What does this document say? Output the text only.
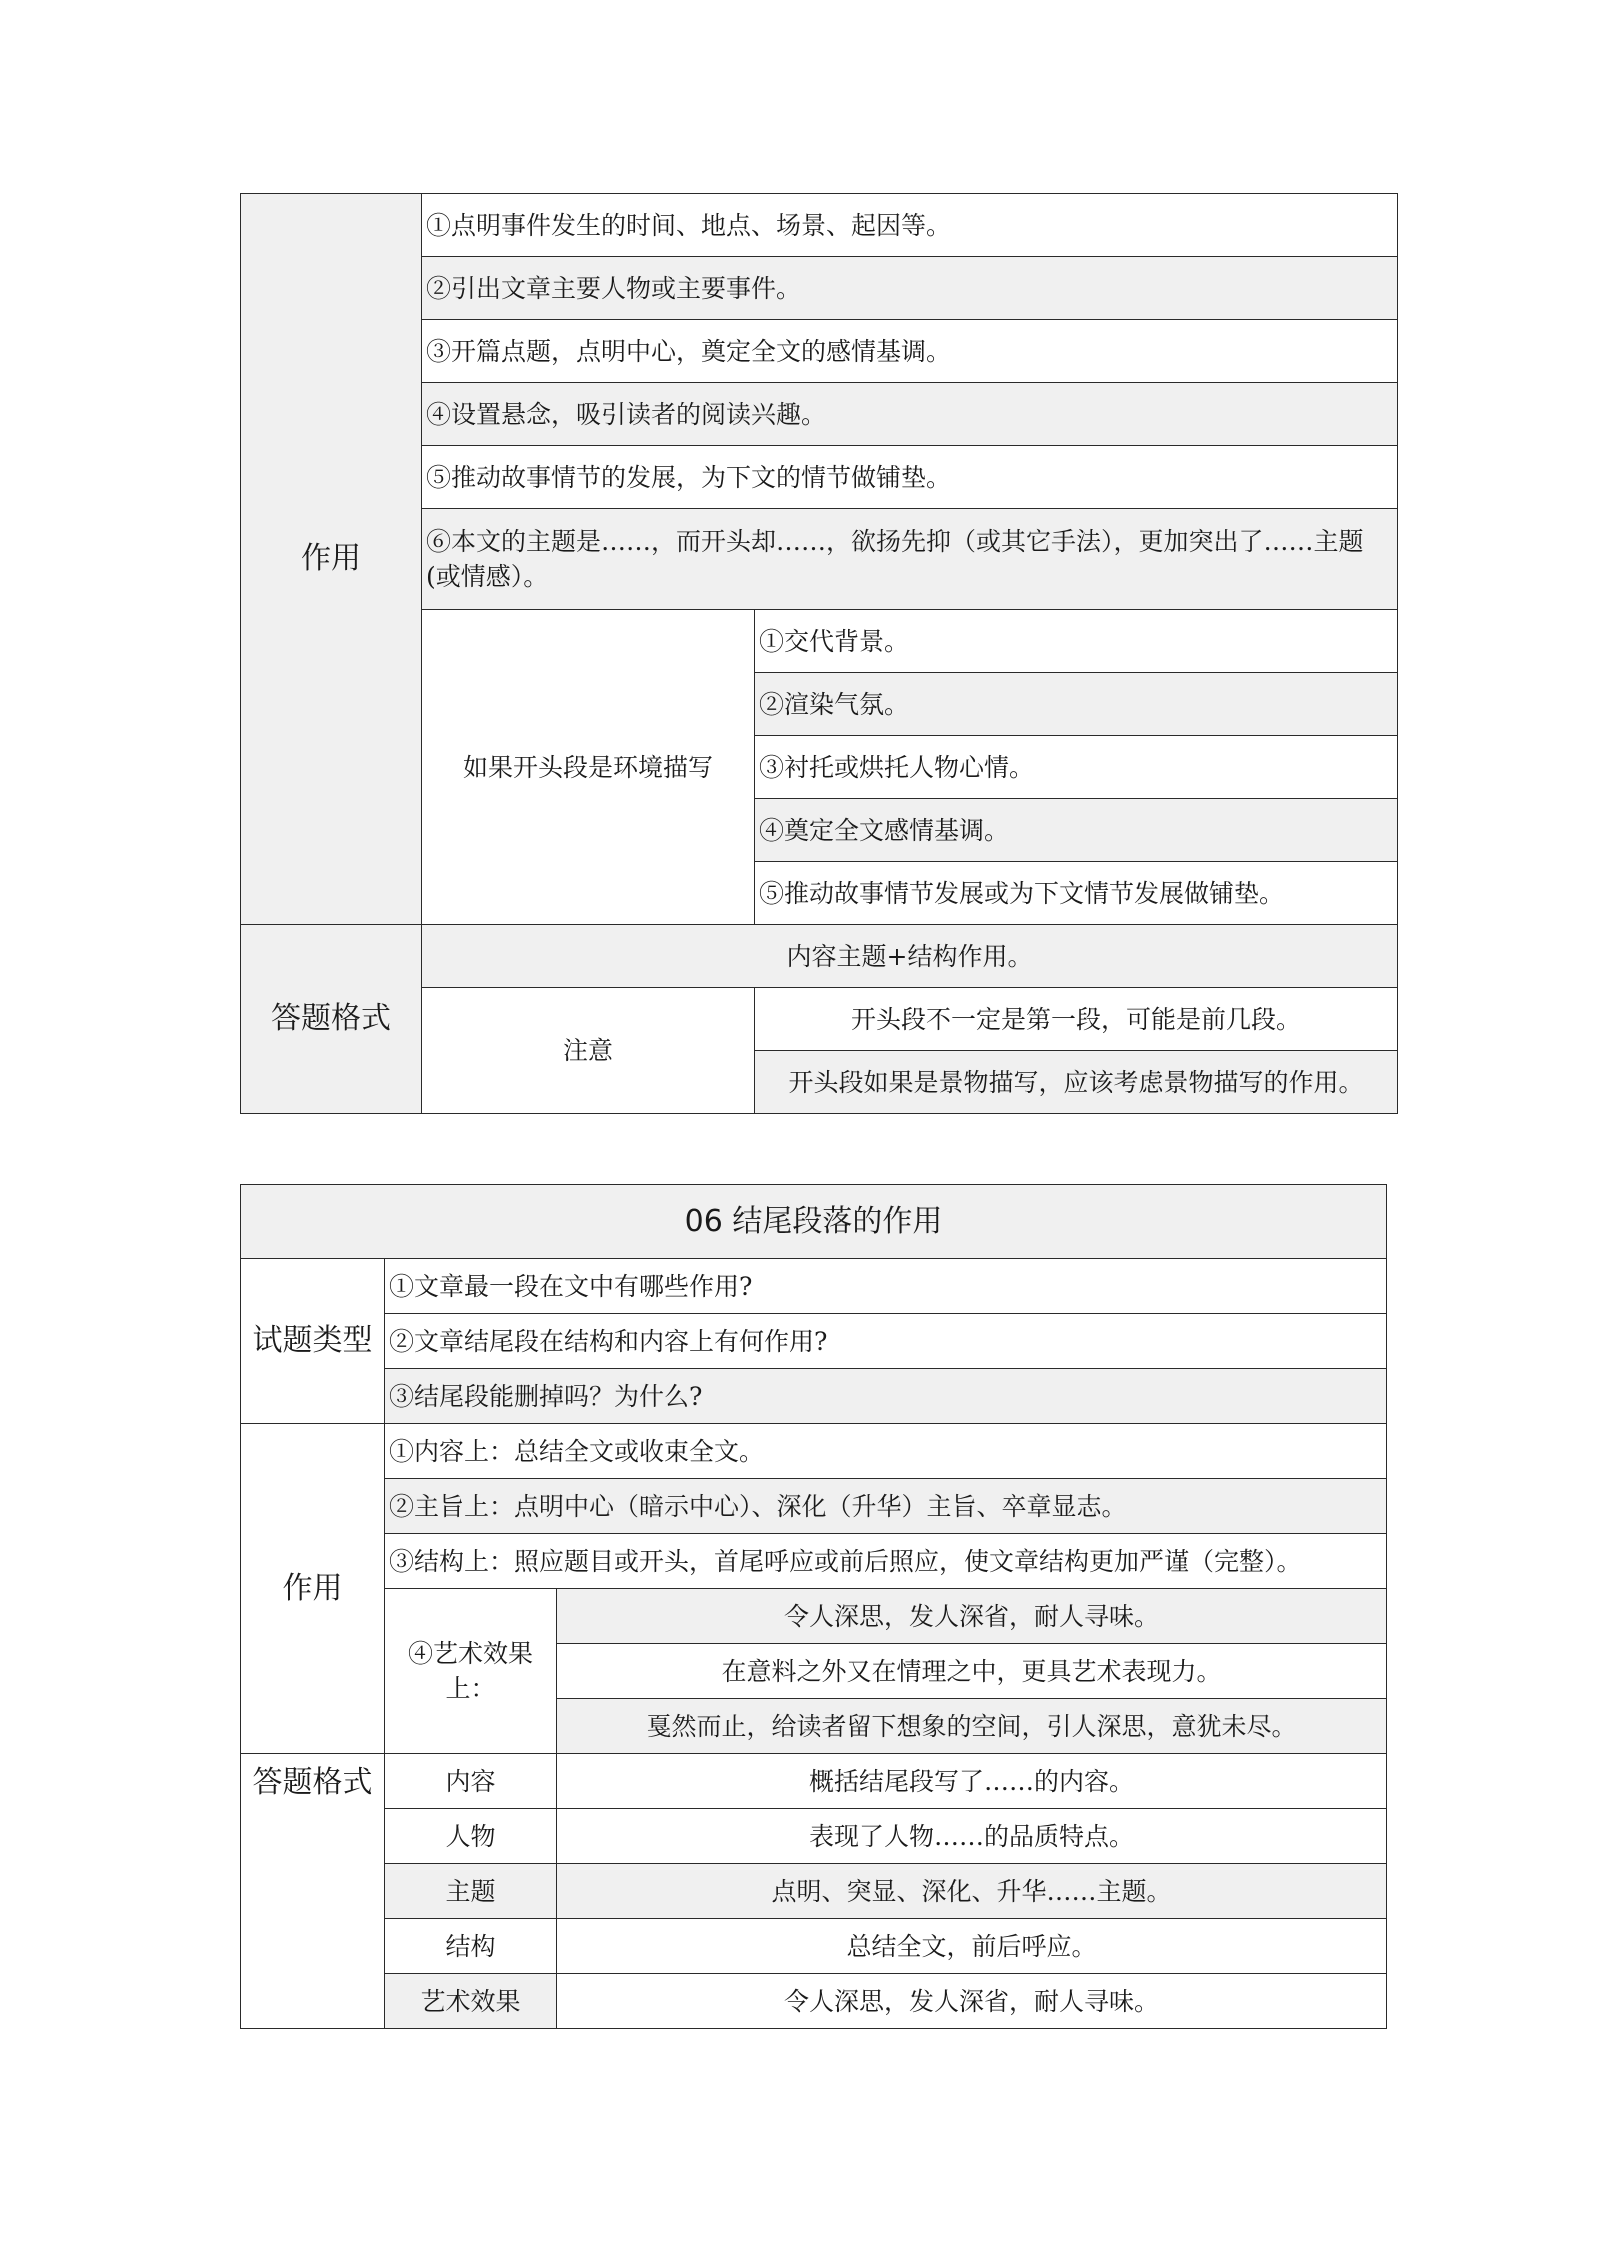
作用	①点明事件发生的时间、地点、场景、起因等。	
	②引出文章主要人物或主要事件。	
	③开篇点题，点明中心，奠定全文的感情基调。	
	④设置悬念，吸引读者的阅读兴趣。	
	⑤推动故事情节的发展，为下文的情节做铺垫。	
	⑥本文的主题是……，而开头却……，欲扬先抑（或其它手法），更加突出了……主题(或情感）。	
	如果开头段是环境描写	①交代背景。
		②渲染气氛。
		③衬托或烘托人物心情。
		④奠定全文感情基调。
		⑤推动故事情节发展或为下文情节发展做铺垫。
答题格式	内容主题+结构作用。	
	注意	开头段不一定是第一段，可能是前几段。
		开头段如果是景物描写，应该考虑景物描写的作用。
06 结尾段落的作用		
试题类型	①文章最一段在文中有哪些作用?	
	②文章结尾段在结构和内容上有何作用?	
	③结尾段能删掉吗？为什么?	
作用	①内容上：总结全文或收束全文。	
	②主旨上：点明中心（暗示中心）、深化（升华）主旨、卒章显志。	
	③结构上：照应题目或开头，首尾呼应或前后照应，使文章结构更加严谨（完整）。	
	④艺术效果上：	令人深思，发人深省，耐人寻味。
		在意料之外又在情理之中，更具艺术表现力。
		戛然而止，给读者留下想象的空间，引人深思，意犹未尽。
答题格式	内容	概括结尾段写了……的内容。
	人物	表现了人物……的品质特点。
	主题	点明、突显、深化、升华……主题。
	结构	总结全文，前后呼应。
	艺术效果	令人深思，发人深省，耐人寻味。
